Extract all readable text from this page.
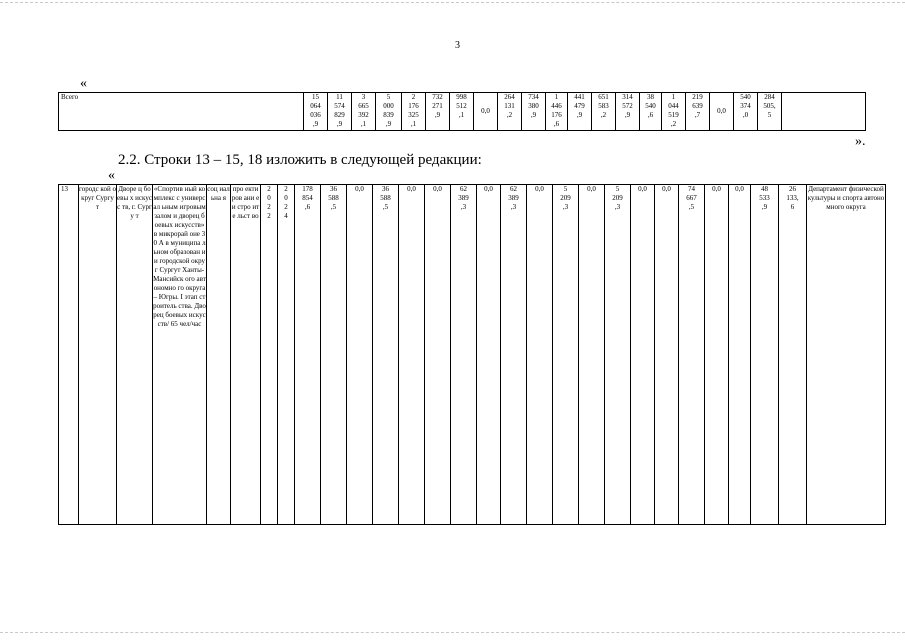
3
«
Всего	15
064
036
,9	11
574
829
,9	3
665
392
,1	5
000
839
,9	2
176
325
,1	732
271
,9	998
512
,1	0,0	264
131
,2	734
380
,9	1
446
176
,6	441
479
,9	651
583
,2	314
572
,9	38
540
,6	1
044
519
,2	219
639
,7	0,0	540
374
,0	284
505,
5	
2.2. Строки 13 – 15, 18 изложить в следующей редакции:
».
«
13	городс кой округ Сургу т	Дворе ц боевы х искусс тв, г. Сургу т	«Спортив ный комплекс с универсал ьным игровым залом и дворец боевых искусств» в микрорай оне 30 А в муниципа льном образован ии городской округ Сургут Ханты-Мансийск ого автономно го округа – Югры. I этап строитель ства. Дворец боевых искусств/ 65 чел/час	соц иал ьна я	про екти ров ани е и стро ите льст во	2
0
2
2	2
0
2
4	178
854
,6	36
588
,5	0,0	36
588
,5	0,0	0,0	62
389
,3	0,0	62
389
,3	0,0	5
209
,3	0,0	5
209
,3	0,0	0,0	74
667
,5	0,0	0,0	48
533
,9	26
133,
6	Департамент физической культуры и спорта автономного округа
